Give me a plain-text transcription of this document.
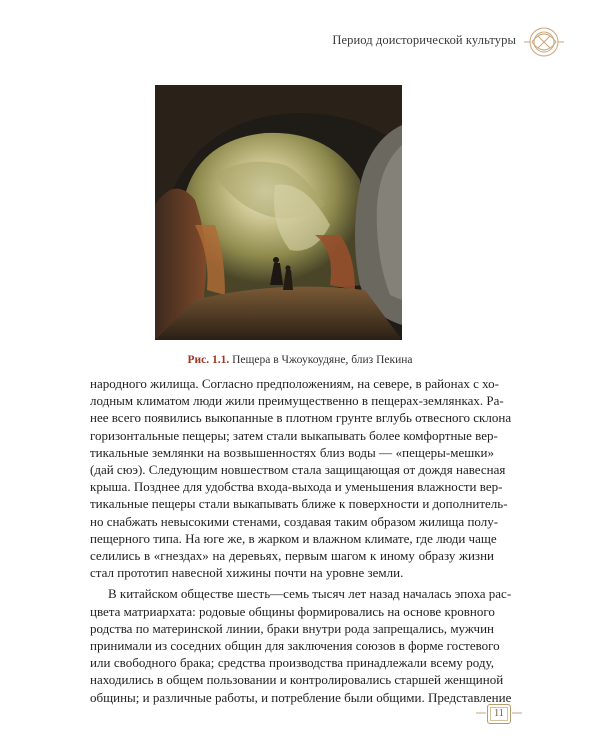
Период доисторической культуры
Рис. 1.1. Пещера в Чжоукоудяне, близ Пекина

народного жилища. Согласно предположениям, на севере, в районах с хо-
лодным климатом люди жили преимущественно в пещерах-землянках. Ра-
нее всего появились выкопанные в плотном грунте вглубь отвесного склона
горизонтальные пещеры; затем стали выкапывать более комфортные вер-
тикальные землянки на возвышенностях близ воды — «пещеры-мешки»
(дай сюэ). Следующим новшеством стала защищающая от дождя навесная
крыша. Позднее для удобства входа-выхода и уменьшения влажности вер-
тикальные пещеры стали выкапывать ближе к поверхности и дополнитель-
но снабжать невысокими стенами, создавая таким образом жилища полу-
пещерного типа. На юге же, в жарком и влажном климате, где люди чаще
селились в «гнездах» на деревьях, первым шагом к иному образу жизни
стал прототип навесной хижины почти на уровне земли.

В китайском обществе шесть—семь тысяч лет назад началась эпоха рас-
цвета матриархата: родовые общины формировались на основе кровного
родства по материнской линии, браки внутри рода запрещались, мужчин
принимали из соседних общин для заключения союзов в форме гостевого
или свободного брака; средства производства принадлежали всему роду,
находились в общем пользовании и контролировались старшей женщиной
общины; и различные работы, и потребление были общими. Представление

11
